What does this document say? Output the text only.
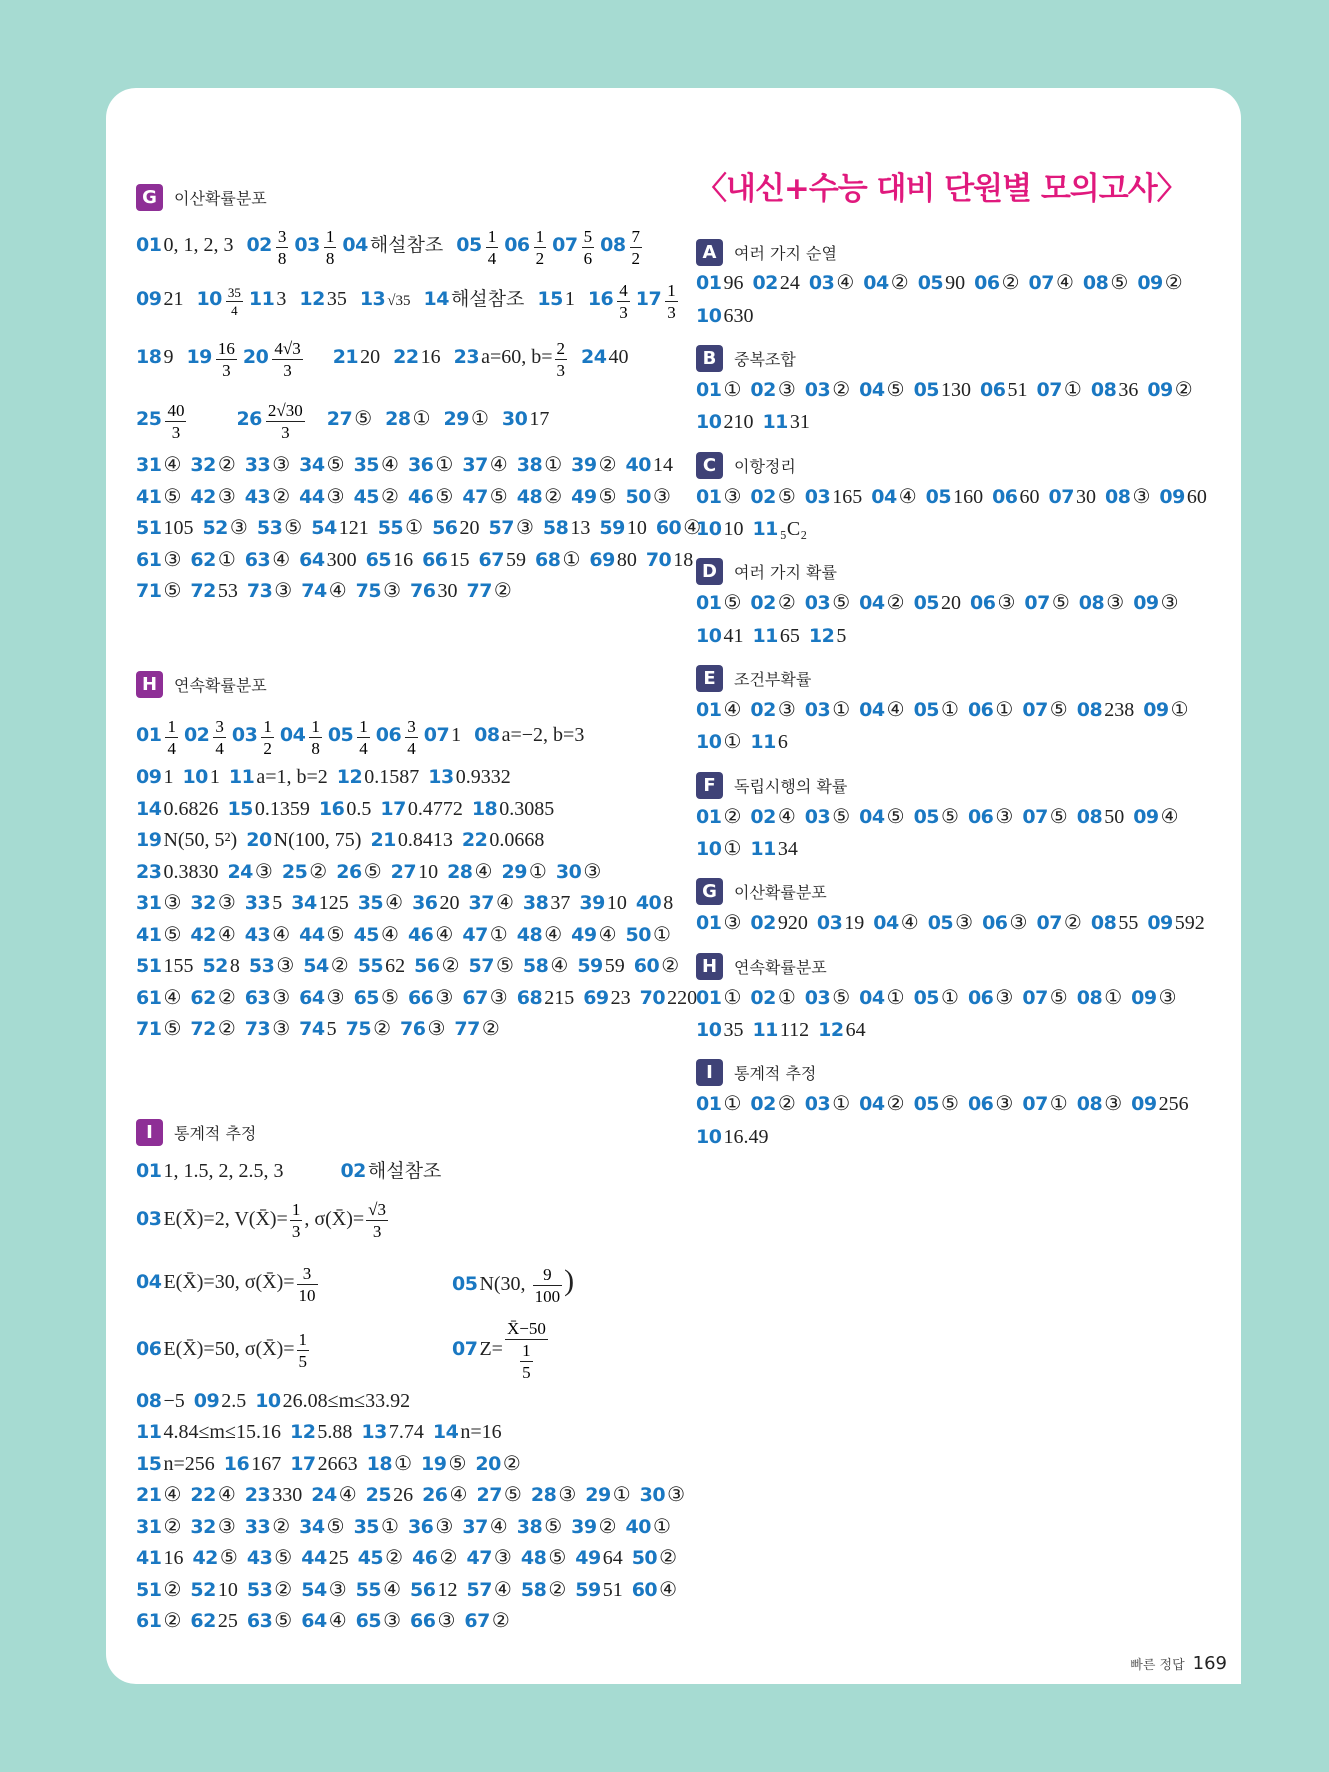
G	이산확률분포
01 0, 1, 2, 3 $02 \frac{3}{8} 03 \frac{1}{8} 04$ 해설참조 $05 \frac{1}{4} 06 \frac{1}{2} 07 \frac{5}{6} 08 \frac{7}{2}$
09 21 $10 \frac{35}{4} 11$ 3 12 35 13 √35 14 해설참조 15 1 $16 \frac{4}{3} 17 \frac{1}{3}$
18 9 $19 \frac{16}{3} 20 \frac{4√3}{3} 21$ 20 22 16 23 a=60, $b= \frac{2}{3} 24$ 40
$25 \frac{40}{3}$	$26 \frac{2√30}{3} 27$ ⑤ 28 ① 29 ① 30 17
31 ④ 32 ② 33 ③ 34 ⑤ 35 ④ 36 ① 37 ④ 38 ① 39 ② 40 14
41 ⑤ 42 ③ 43 ② 44 ③ 45 ② 46 ⑤ 47 ⑤ 48 ② 49 ⑤ 50 ③
51 105 52 ③ 53 ⑤ 54 121 55 ① 56 20 57 ③ 58 13 59 10 60 ④
61 ③ 62 ① 63 ④ 64 300 65 16 66 15 67 59 68 ① 69 80 70 18
71 ⑤ 72 53 73 ③ 74 ④ 75 ③ 76 30 77 ②
H	연속확률분포
$01 \frac{1}{4} 02 \frac{3}{4} 03 \frac{1}{2} 04 \frac{1}{8} 05 \frac{1}{4} 06 \frac{3}{4} 07$ 1 08 a=−2, b=3
09 1 10 1 11 a=1, b=2 12 0.1587 13 0.9332
14 0.6826 15 0.1359 16 0.5 17 0.4772 18 0.3085
19 N(50, 5²) 20 N(100, 75) 21 0.8413 22 0.0668
23 0.3830 24 ③ 25 ② 26 ⑤ 27 10 28 ④ 29 ① 30 ③
31 ③ 32 ③ 33 5 34 125 35 ④ 36 20 37 ④ 38 37 39 10 40 8
41 ⑤ 42 ④ 43 ④ 44 ⑤ 45 ④ 46 ④ 47 ① 48 ④ 49 ④ 50 ①
51 155 52 8 53 ③ 54 ② 55 62 56 ② 57 ⑤ 58 ④ 59 59 60 ②
61 ④ 62 ② 63 ③ 64 ③ 65 ⑤ 66 ③ 67 ③ 68 215 69 23 70 220
71 ⑤ 72 ② 73 ③ 74 5 75 ② 76 ③ 77 ②
I	통계적 추정
01 1, 1.5, 2, 2.5, 3	02 해설참조
03 E(X̄)=2, V(X̄)= $\frac{1}{3}$ , σ(X̄)= $\frac{√3}{3}$
04 E(X̄)=30, σ(X̄)= $\frac{3}{10}$	05 N(30, $\frac{9}{100}$ )
06 E(X̄)=50, σ(X̄)= $\frac{1}{5}$	07 $Z= \frac{X̄-50}{\frac{1}{5}}$
08 −5 09 2.5 10 26.08≤m≤33.92
11 4.84≤m≤15.16 12 5.88 13 7.74 14 n=16
15 n=256 16 167 17 2663 18 ① 19 ⑤ 20 ②
21 ④ 22 ④ 23 330 24 ④ 25 26 26 ④ 27 ⑤ 28 ③ 29 ① 30 ③
31 ② 32 ③ 33 ② 34 ⑤ 35 ① 36 ③ 37 ④ 38 ⑤ 39 ② 40 ①
41 16 42 ⑤ 43 ⑤ 44 25 45 ② 46 ② 47 ③ 48 ⑤ 49 64 50 ②
51 ② 52 10 53 ② 54 ③ 55 ④ 56 12 57 ④ 58 ② 59 51 60 ④
61 ② 62 25 63 ⑤ 64 ④ 65 ③ 66 ③ 67 ②
〈내신+수능 대비 단원별 모의고사〉
A	여러 가지 순열
01 96 02 24 03 ④ 04 ② 05 90 06 ② 07 ④ 08 ⑤ 09 ②10 630
B	중복조합
01 ① 02 ③ 03 ② 04 ⑤ 05 130 06 51 07 ① 08 36 09 ②10 210 11 31
C	이항정리
01 ③ 02 ⑤ 03 165 04 ④ 05 160 06 60 07 30 08 ③ 09 6010 10 11 ₅C₂
D	여러 가지 확률
01 ⑤ 02 ② 03 ⑤ 04 ② 05 20 06 ③ 07 ⑤ 08 ③ 09 ③10 41 11 65 12 5
E	조건부확률
01 ④ 02 ③ 03 ① 04 ④ 05 ① 06 ① 07 ⑤ 08 238 09 ①10 ① 11 6
F	독립시행의 확률
01 ② 02 ④ 03 ⑤ 04 ⑤ 05 ⑤ 06 ③ 07 ⑤ 08 50 09 ④10 ① 11 34
G	이산확률분포
01 ③ 02 920 03 19 04 ④ 05 ③ 06 ③ 07 ② 08 55 09 592
H	연속확률분포
01 ① 02 ① 03 ⑤ 04 ① 05 ① 06 ③ 07 ⑤ 08 ① 09 ③10 35 11 112 12 64
I	통계적 추정
01 ① 02 ② 03 ① 04 ② 05 ⑤ 06 ③ 07 ① 08 ③ 09 25610 16.49
빠른 정답 169
